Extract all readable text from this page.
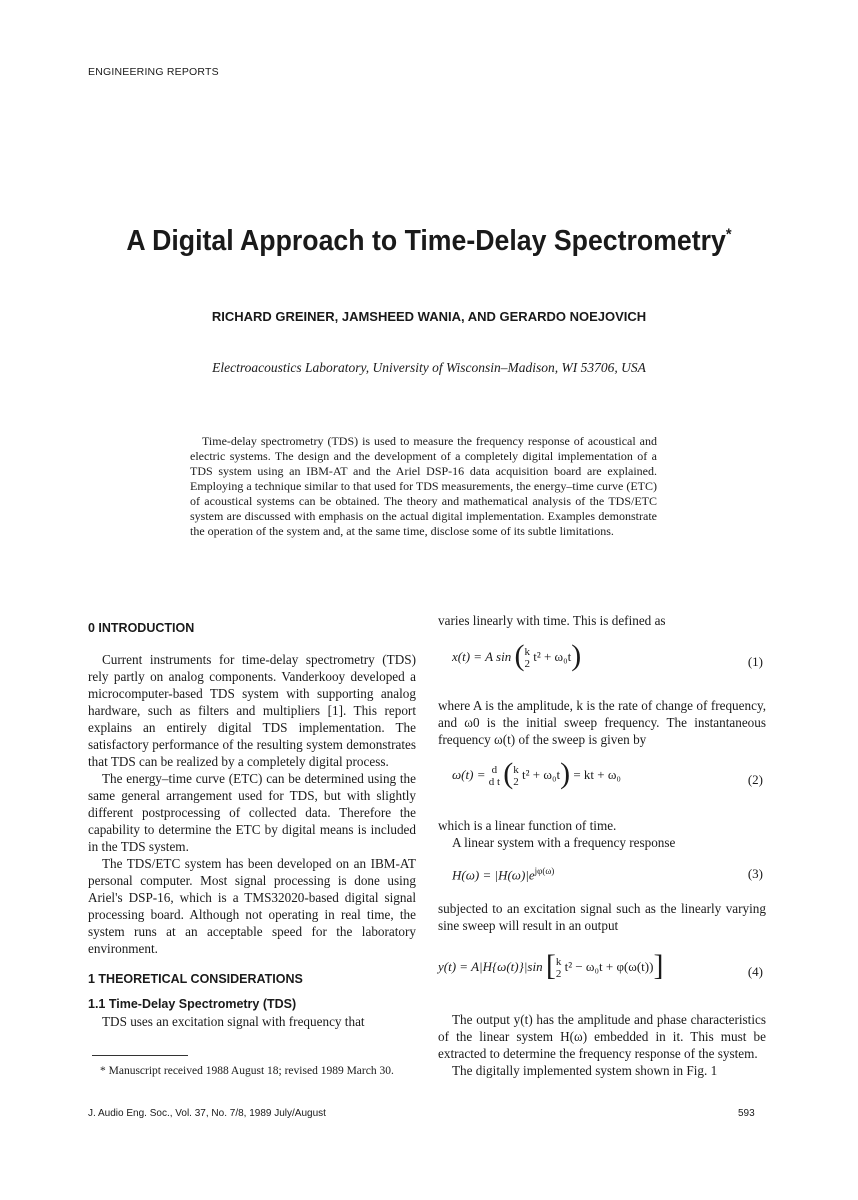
ENGINEERING REPORTS
A Digital Approach to Time-Delay Spectrometry*
RICHARD GREINER, JAMSHEED WANIA, AND GERARDO NOEJOVICH
Electroacoustics Laboratory, University of Wisconsin–Madison, WI 53706, USA

Time-delay spectrometry (TDS) is used to measure the frequency response of acoustical and electric systems. The design and the development of a completely digital implementation of a TDS system using an IBM-AT and the Ariel DSP-16 data acquisition board are explained. Employing a technique similar to that used for TDS measurements, the energy–time curve (ETC) of acoustical systems can be obtained. The theory and mathematical analysis of the TDS/ETC system are discussed with emphasis on the actual digital implementation. Examples demonstrate the operation of the system and, at the same time, disclose some of its subtle limitations.

0 INTRODUCTION

Current instruments for time-delay spectrometry (TDS) rely partly on analog components. Vanderkooy developed a microcomputer-based TDS system with supporting analog hardware, such as filters and multipliers [1]. This report explains an entirely digital TDS implementation. The satisfactory performance of the resulting system demonstrates that TDS can be realized by a completely digital process.

The energy–time curve (ETC) can be determined using the same general arrangement used for TDS, but with slightly different postprocessing of collected data. Therefore the capability to determine the ETC by digital means is included in the TDS system.

The TDS/ETC system has been developed on an IBM-AT personal computer. Most signal processing is done using Ariel's DSP-16, which is a TMS32020-based digital signal processing board. Although not operating in real time, the system runs at an acceptable speed for the laboratory environment.

1 THEORETICAL CONSIDERATIONS
1.1 Time-Delay Spectrometry (TDS)

TDS uses an excitation signal with frequency that

* Manuscript received 1988 August 18; revised 1989 March 30.

varies linearly with time. This is defined as

x(t) = A sin ( k
2
t² + ω₀t)	(1)

where A is the amplitude, k is the rate of change of frequency, and ω0 is the initial sweep frequency. The instantaneous frequency ω(t) of the sweep is given by

ω(t) = d
d t ( k
2
t² + ω₀t) = kt + ω₀	(2)

which is a linear function of time.

A linear system with a frequency response

$H(\omega) = |H(\omega)|e^{j\varphi(\omega)}$	(3)

subjected to an excitation signal such as the linearly varying sine sweep will result in an output

y(t) = A|H{ω(t)}|sin [ k
2
t² − ω₀t + φ(ω(t))]	(4)

The output y(t) has the amplitude and phase characteristics of the linear system H(ω) embedded in it. This must be extracted to determine the frequency response of the system.

The digitally implemented system shown in Fig. 1

J. Audio Eng. Soc., Vol. 37, No. 7/8, 1989 July/August	593
